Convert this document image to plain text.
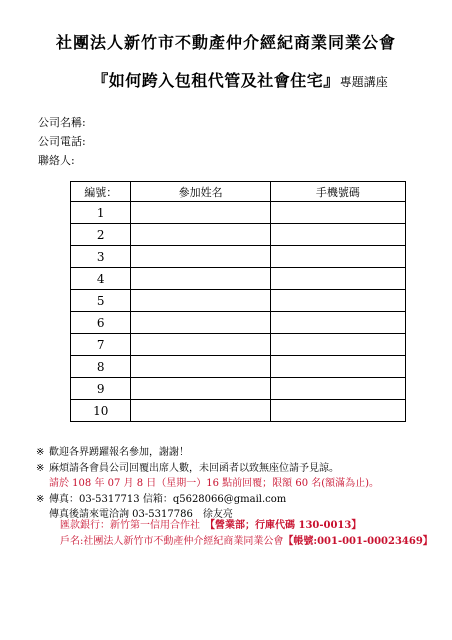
社團法人新竹市不動產仲介經紀商業同業公會
『如何跨入包租代管及社會住宅』專題講座
公司名稱:
公司電話:
聯絡人:
編號：	參加姓名	手機號碼
1		
2		
3		
4		
5		
6		
7		
8		
9		
10		
※ 歡迎各界踴躍報名參加，謝謝！
※ 麻煩請各會員公司回覆出席人數，未回函者以致無座位請予見諒。
請於 108 年 07 月 8 日（星期一）16 點前回覆；限額 60 名(額滿為止)。
※ 傳真：03-5317713 信箱：q5628066@gmail.com
傳真後請來電洽詢 03-5317786　徐友亮
匯款銀行：新竹第一信用合作社　 【營業部；行庫代碼 130-0013】
戶名:社團法人新竹市不動產仲介經紀商業同業公會【帳號:001-001-00023469】
